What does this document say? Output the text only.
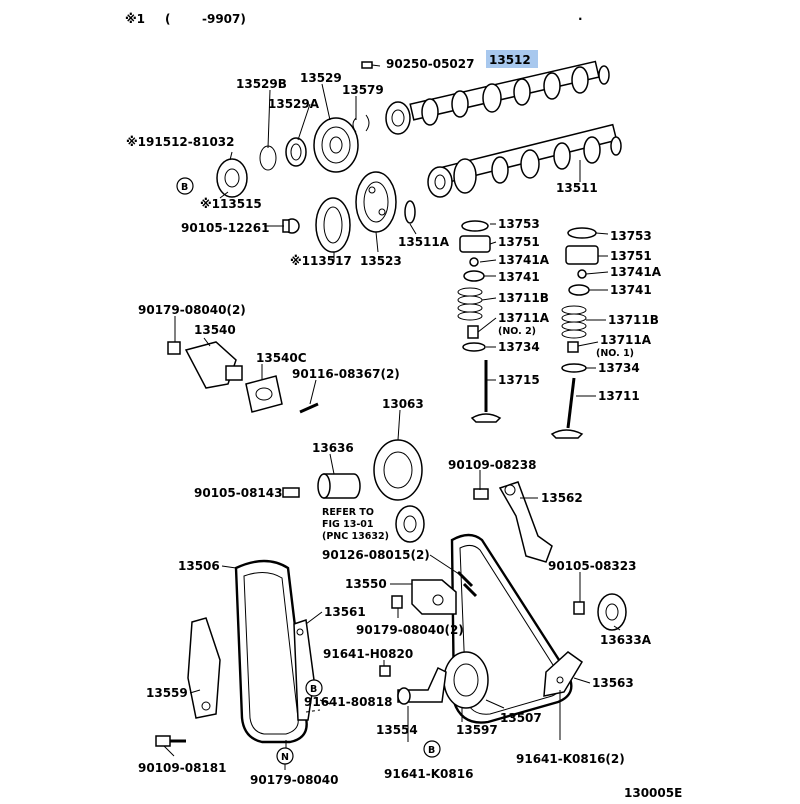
※1 (	-9907)	·
B
B
B
N
90250-05027 13512
13529B 13529
13529A
13579
※191512-81032
※113515
13511
90105-12261
※113517 13523
13511A
13753
13751
13741A
13741
13711B
13711A
(NO. 2)
13734
13715
13753
13751
13741A
13741
13711B
13711A
(NO. 1)
13734
13711
90179-08040(2)
13540
13540C
90116-08367(2)
13063
13636
90105-08143
REFER TO
FIG 13-01
(PNC 13632)
90109-08238
13562
90126-08015(2)
13506
13550
90105-08323
13561
90179-08040(2)
13633A
91641-H0820
13563
13559
91641-80818
13507
13554	13597
90109-08181
90179-08040	91641-K0816
91641-K0816(2)
130005E
